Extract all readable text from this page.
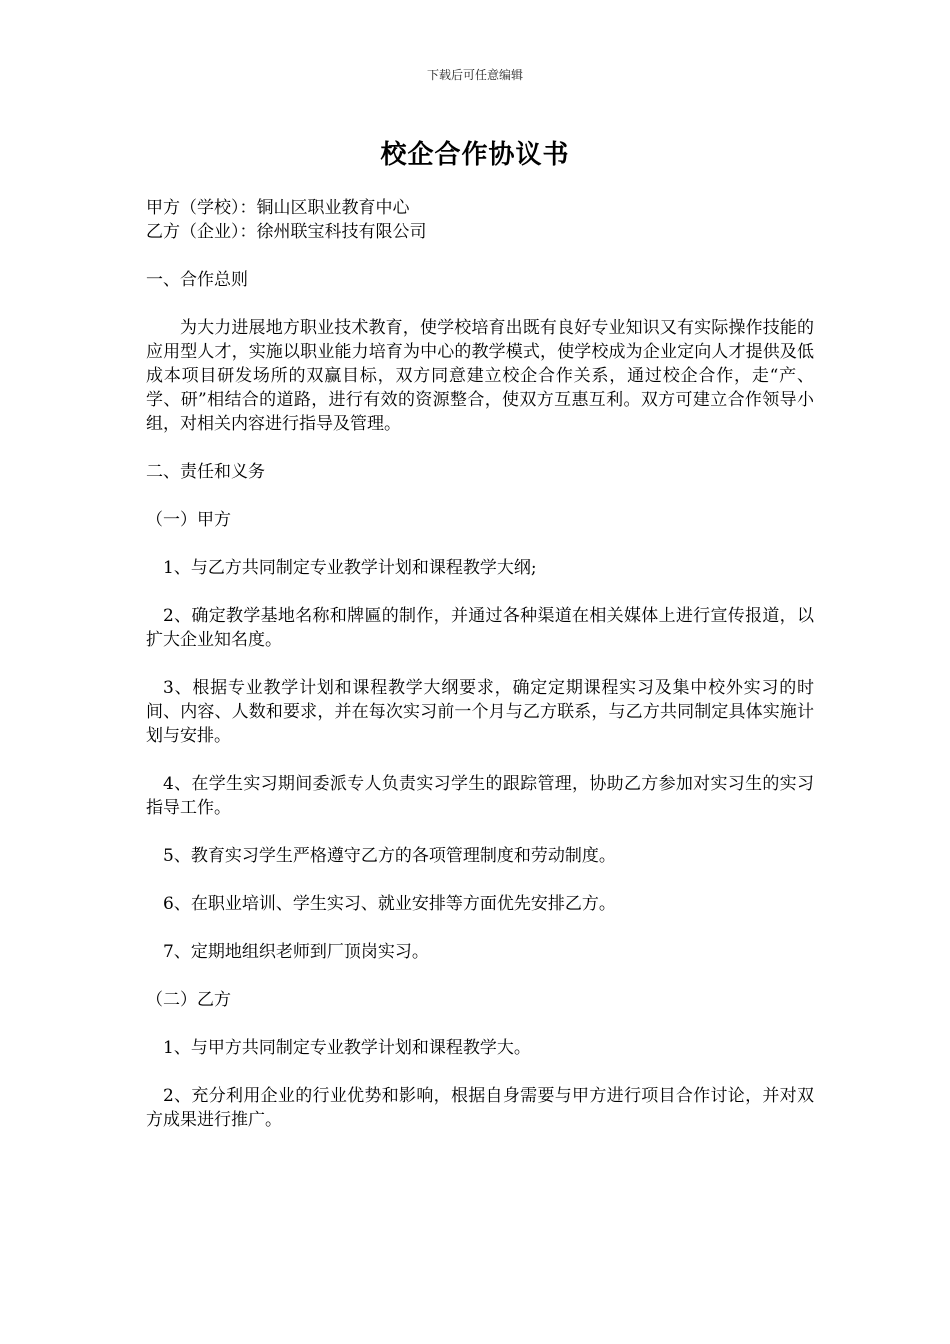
下载后可任意编辑
校企合作协议书
甲方（学校）：铜山区职业教育中心
乙方（企业）：徐州联宝科技有限公司
一、合作总则
为大力进展地方职业技术教育，使学校培育出既有良好专业知识又有实际操作技能的应用型人才，实施以职业能力培育为中心的教学模式，使学校成为企业定向人才提供及低成本项目研发场所的双赢目标，双方同意建立校企合作关系，通过校企合作，走“产、学、研”相结合的道路，进行有效的资源整合，使双方互惠互利。双方可建立合作领导小组，对相关内容进行指导及管理。
二、责任和义务
（一）甲方
1、与乙方共同制定专业教学计划和课程教学大纲;
2、确定教学基地名称和牌匾的制作，并通过各种渠道在相关媒体上进行宣传报道，以扩大企业知名度。
3、根据专业教学计划和课程教学大纲要求，确定定期课程实习及集中校外实习的时间、内容、人数和要求，并在每次实习前一个月与乙方联系，与乙方共同制定具体实施计划与安排。
4、在学生实习期间委派专人负责实习学生的跟踪管理，协助乙方参加对实习生的实习指导工作。
5、教育实习学生严格遵守乙方的各项管理制度和劳动制度。
6、在职业培训、学生实习、就业安排等方面优先安排乙方。
7、定期地组织老师到厂顶岗实习。
（二）乙方
1、与甲方共同制定专业教学计划和课程教学大。
2、充分利用企业的行业优势和影响，根据自身需要与甲方进行项目合作讨论，并对双方成果进行推广。
